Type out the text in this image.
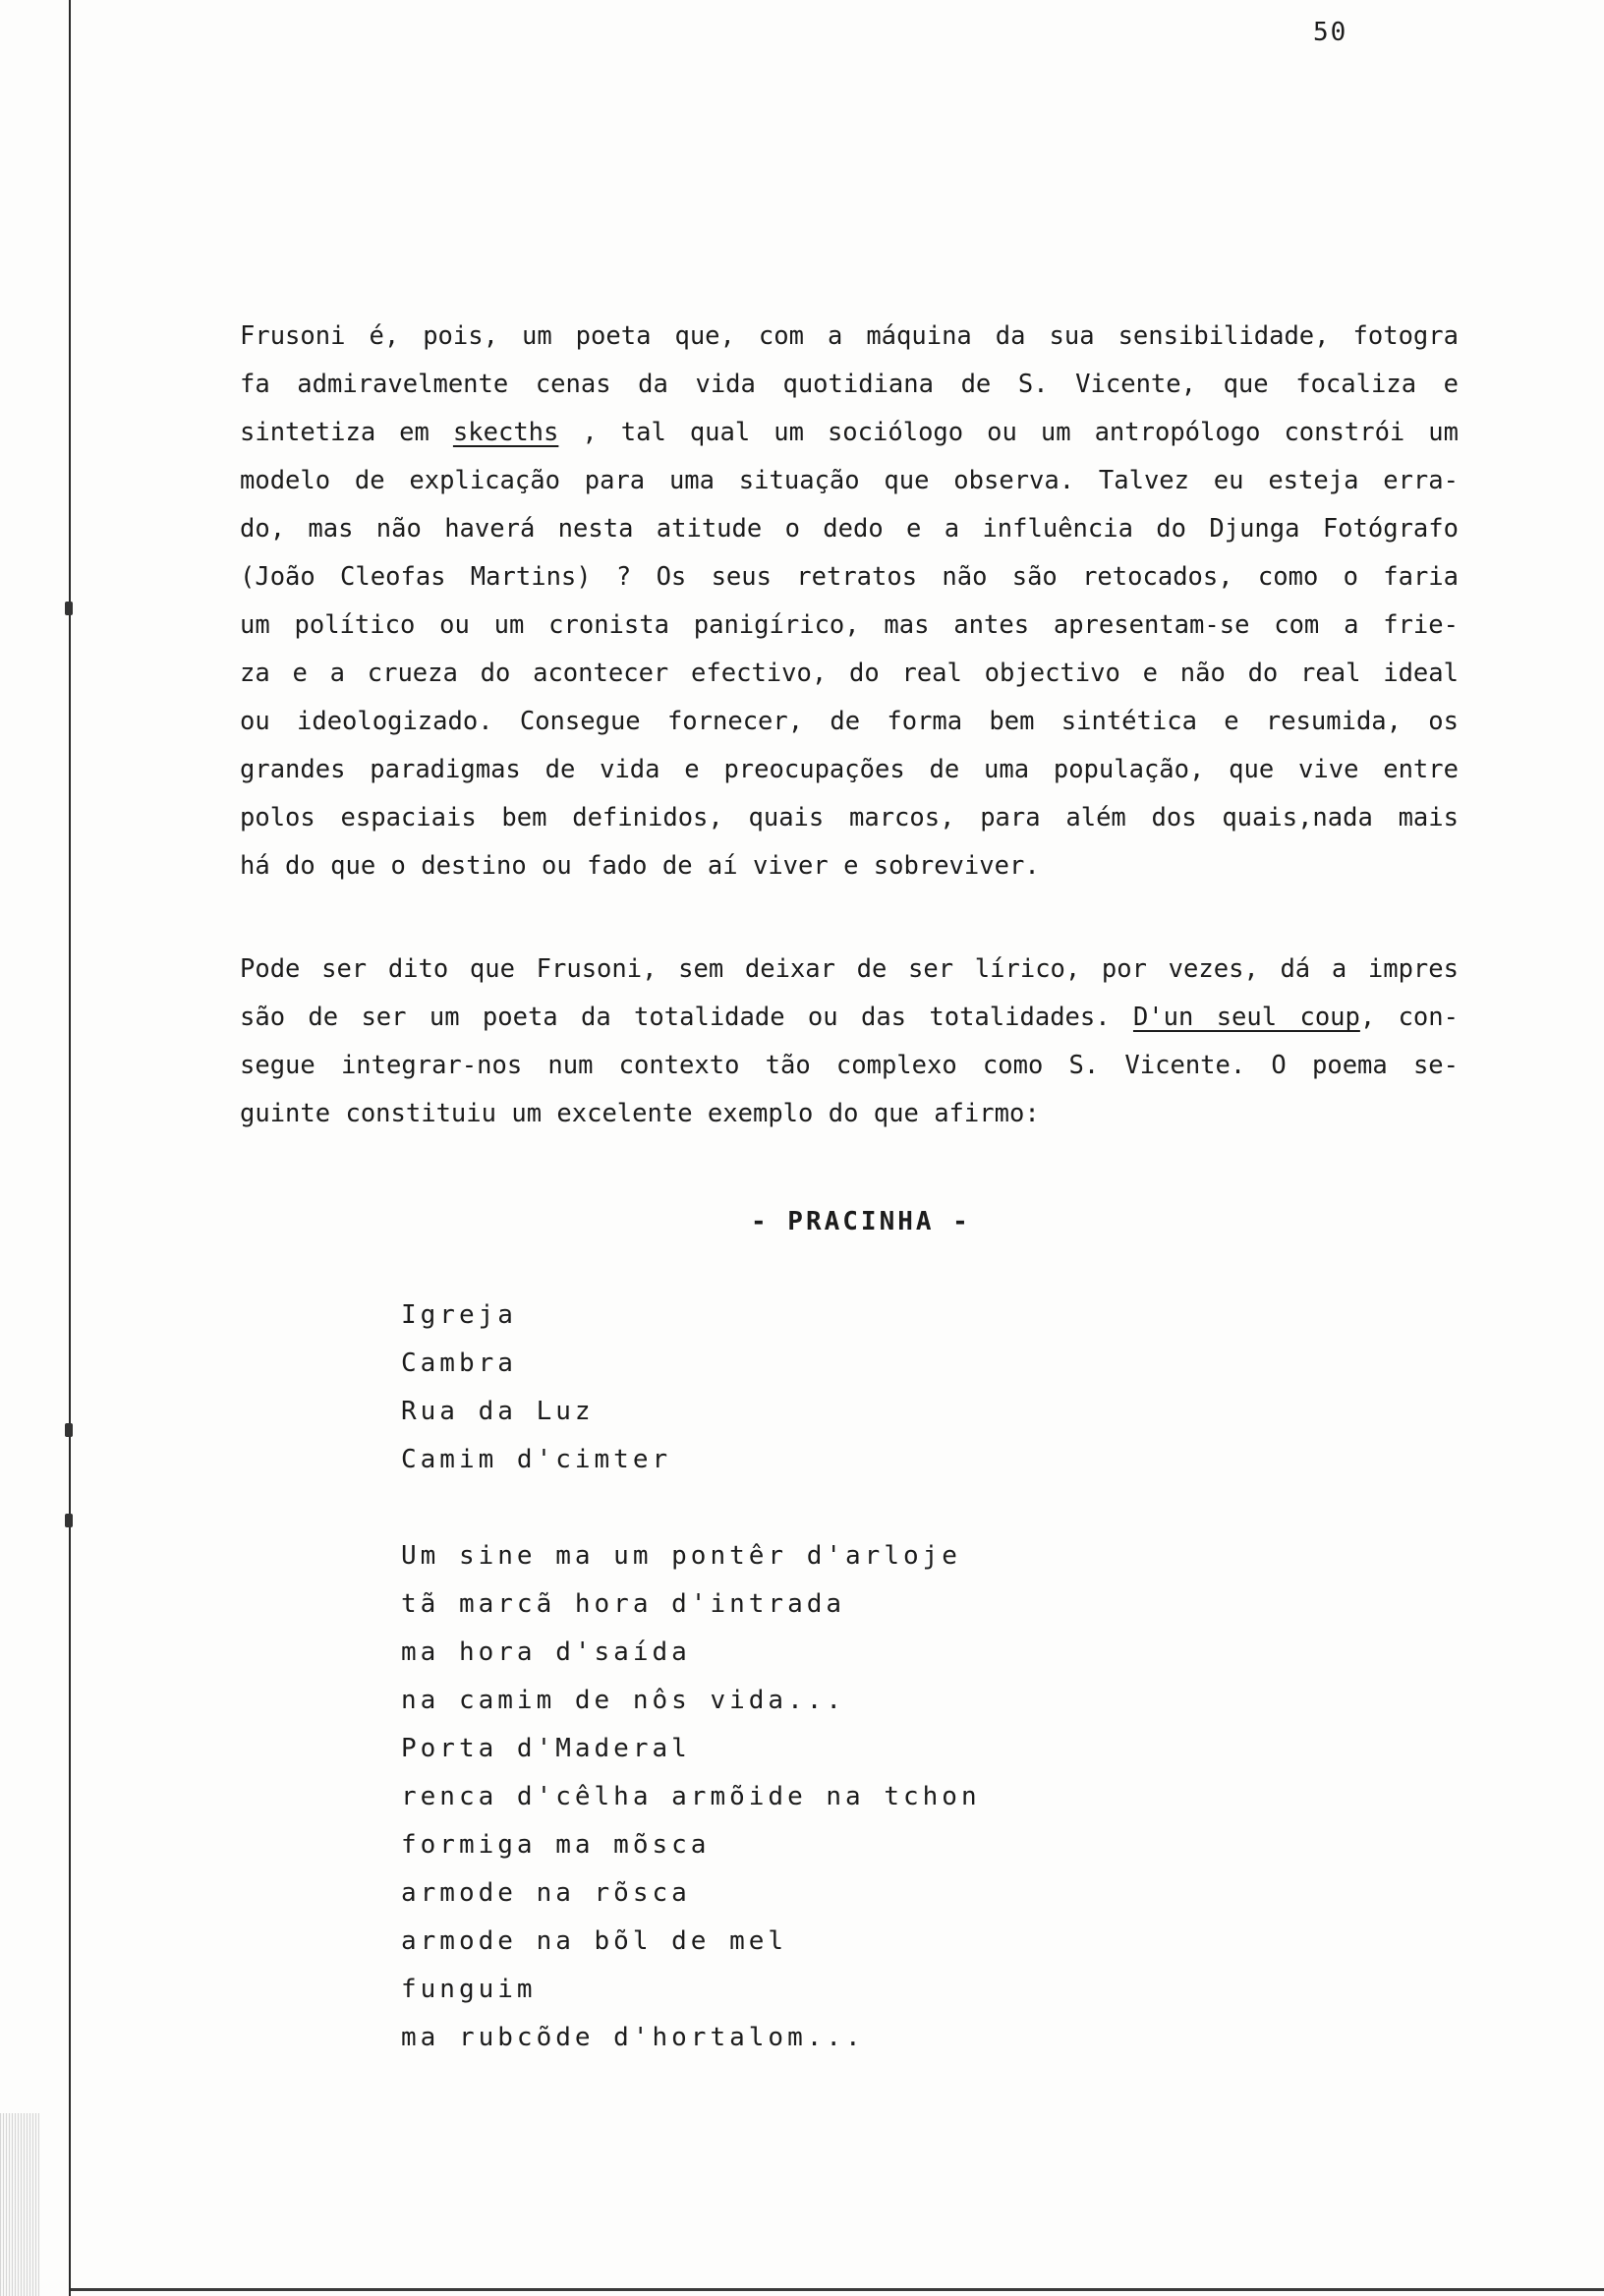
50

Frusoni é, pois, um poeta que, com a máquina da sua sensibilidade, fotogra
fa admiravelmente cenas da vida quotidiana de S. Vicente, que focaliza e
sintetiza em skecths , tal qual um sociólogo ou um antropólogo constrói um
modelo de explicação para uma situação que observa. Talvez eu esteja erra-
do, mas não haverá nesta atitude o dedo e a influência do Djunga Fotógrafo
(João Cleofas Martins) ? Os seus retratos não são retocados, como o faria
um político ou um cronista panigírico, mas antes apresentam-se com a frie-
za e a crueza do acontecer efectivo, do real objectivo e não do real ideal
ou ideologizado. Consegue fornecer, de forma bem sintética e resumida, os
grandes paradigmas de vida e preocupações de uma população, que vive entre
polos espaciais bem definidos, quais marcos, para além dos quais,nada mais
há do que o destino ou fado de aí viver e sobreviver.

Pode ser dito que Frusoni, sem deixar de ser lírico, por vezes, dá a impres
são de ser um poeta da totalidade ou das totalidades. D'un seul coup, con-
segue integrar-nos num contexto tão complexo como S. Vicente. O poema se-
guinte constituiu um excelente exemplo do que afirmo:

- PRACINHA -
Igreja
Cambra
Rua da Luz
Camim d'cimter
Um sine ma um pontêr d'arloje
tã marcã hora d'intrada
ma hora d'saída
na camim de nôs vida...
Porta d'Maderal
renca d'cêlha armõide na tchon
formiga ma mõsca
armode na rõsca
armode na bõl de mel
funguim
ma rubcõde d'hortalom...
